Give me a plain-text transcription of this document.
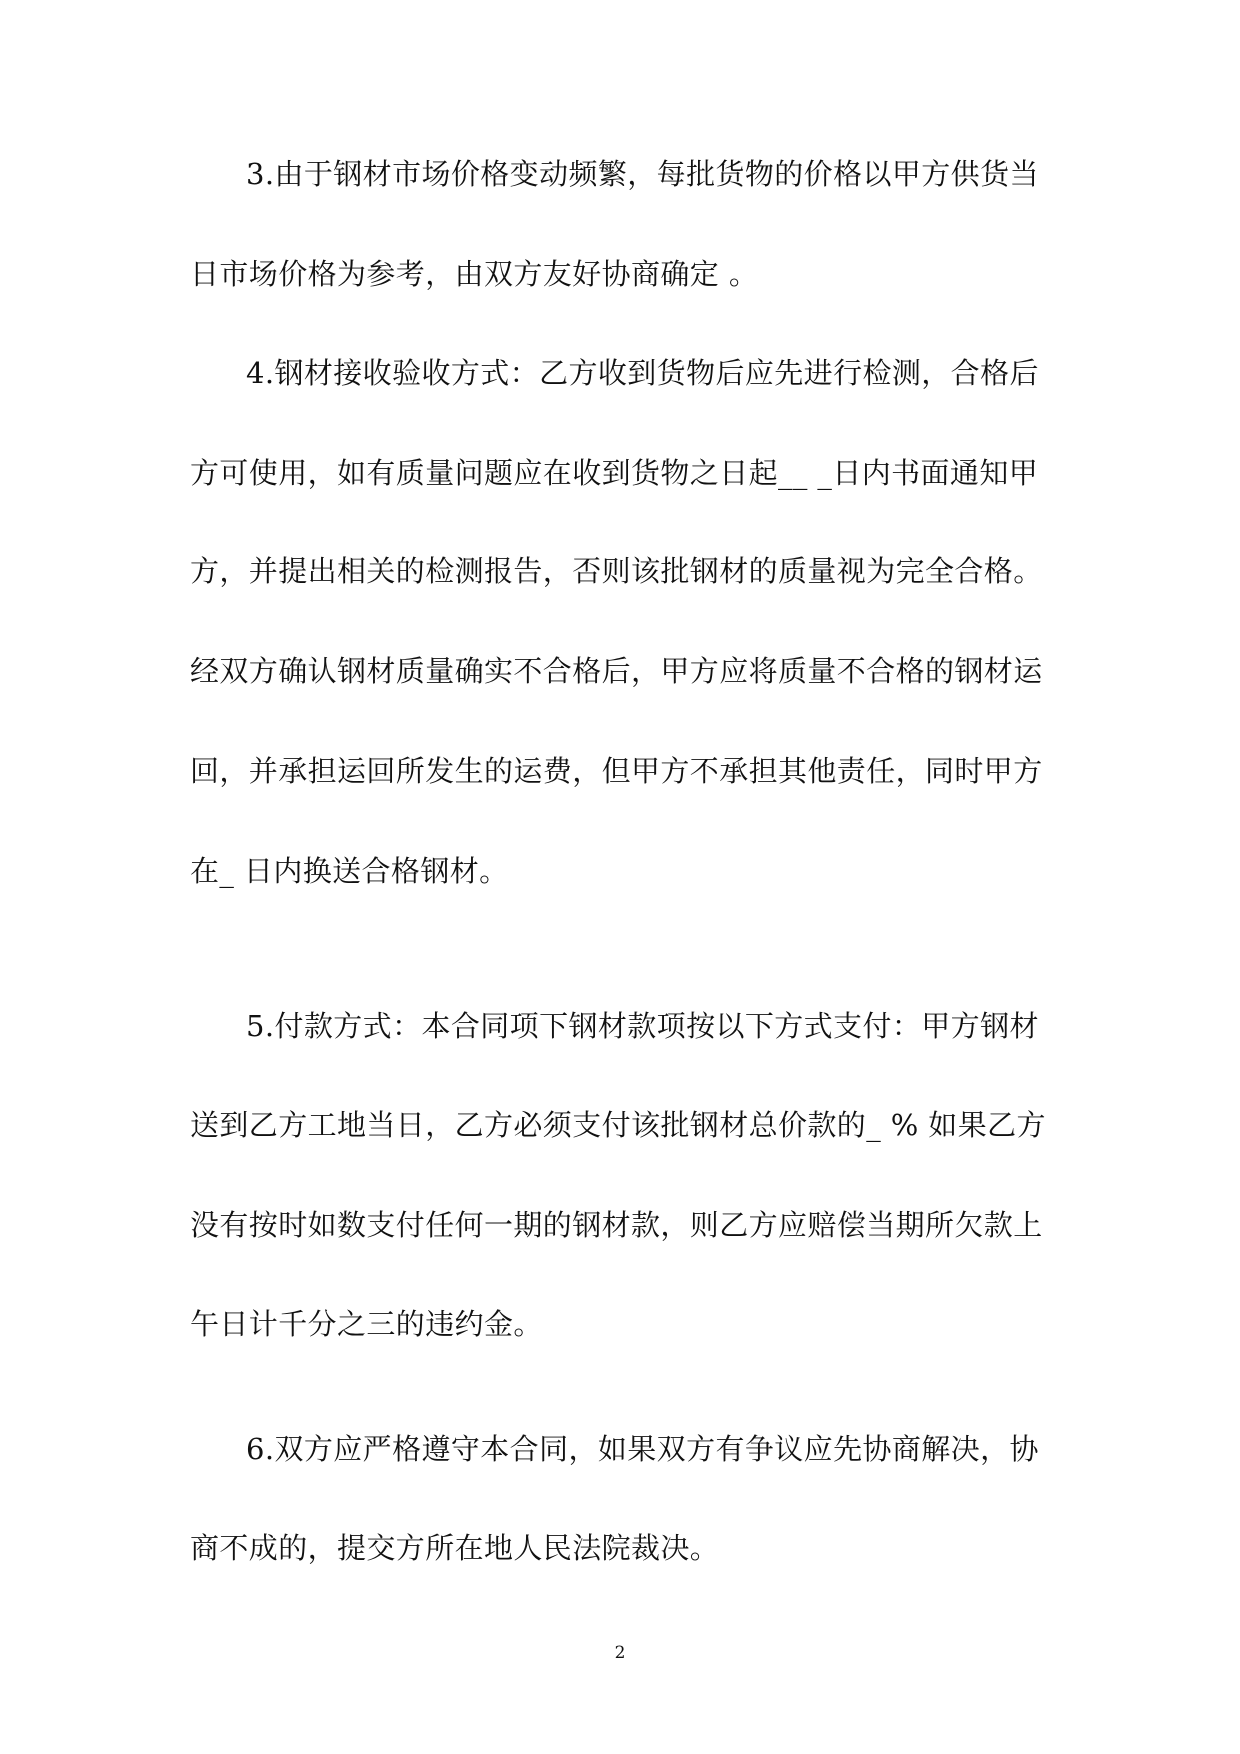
3.由于钢材市场价格变动频繁，每批货物的价格以甲方供货当
日市场价格为参考，由双方友好协商确定 。
4.钢材接收验收方式：乙方收到货物后应先进行检测，合格后
方可使用，如有质量问题应在收到货物之日起__ _日内书面通知甲
方，并提出相关的检测报告，否则该批钢材的质量视为完全合格。
经双方确认钢材质量确实不合格后，甲方应将质量不合格的钢材运
回，并承担运回所发生的运费，但甲方不承担其他责任，同时甲方
在_ 日内换送合格钢材。
5.付款方式：本合同项下钢材款项按以下方式支付：甲方钢材
送到乙方工地当日，乙方必须支付该批钢材总价款的_ % 如果乙方
没有按时如数支付任何一期的钢材款，则乙方应赔偿当期所欠款上
午日计千分之三的违约金。
6.双方应严格遵守本合同，如果双方有争议应先协商解决，协
商不成的，提交方所在地人民法院裁决。
2
